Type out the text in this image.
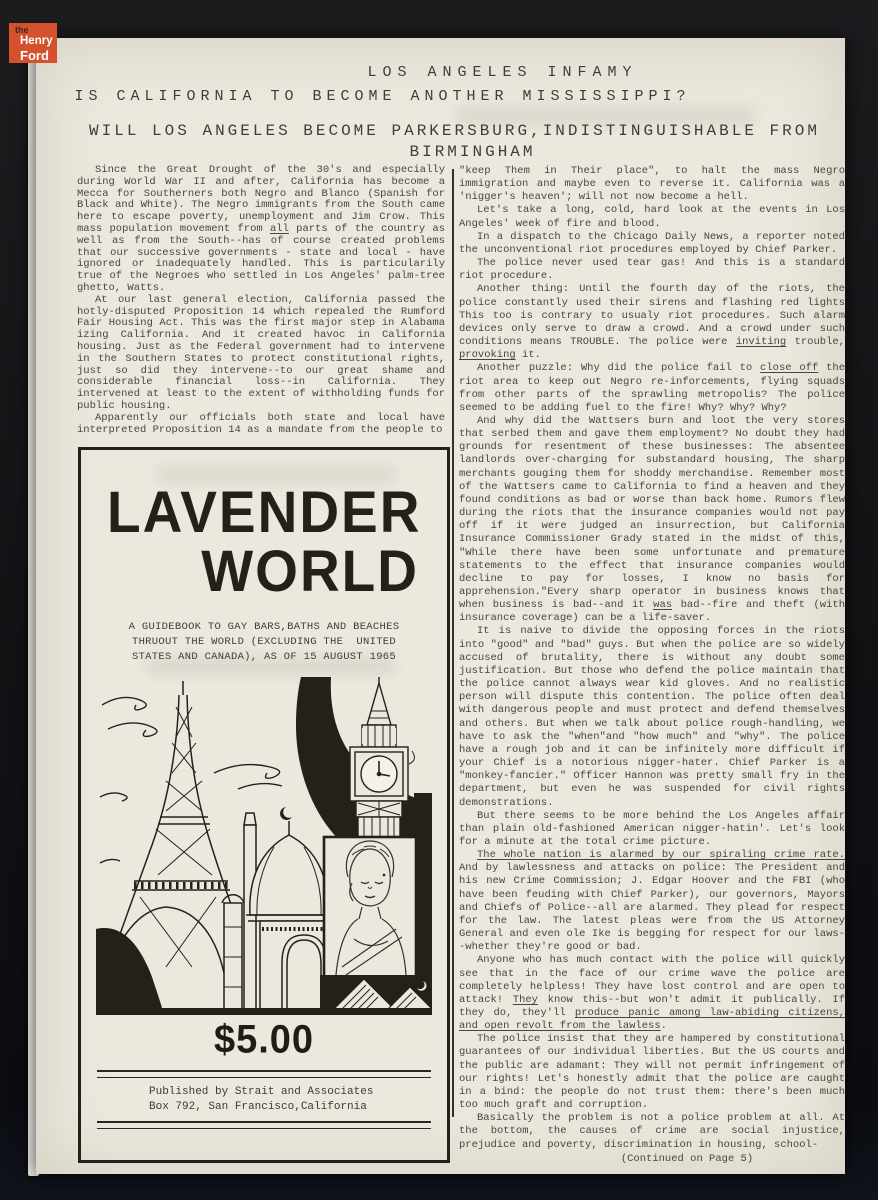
LOS ANGELES INFAMY
IS CALIFORNIA TO BECOME ANOTHER MISSISSIPPI?
WILL LOS ANGELES BECOME PARKERSBURG,INDISTINGUISHABLE FROM
BIRMINGHAM
Since the Great Drought of the 30's and especially during World War II and after, California has become a Mecca for Southerners both Negro and Blanco (Spanish for Black and White). The Negro immigrants from the South came here to escape poverty, unemployment and Jim Crow. This mass population movement from all parts of the country as well as from the South--has of course created problems that our successive governments - state and local - have ignored or inadequately handled. This is particularily true of the Negroes who settled in Los Angeles' palm-tree ghetto, Watts.
At our last general election, California passed the hotly-disputed Proposition 14 which repealed the Rumford Fair Housing Act. This was the first major step in Alabama izing California. And it created havoc in California housing. Just as the Federal government had to intervene in the Southern States to protect constitutional rights, just so did they intervene--to our great shame and considerable financial loss--in California. They intervened at least to the extent of withholding funds for public housing.
Apparently our officials both state and local have interpreted Proposition 14 as a mandate from the people to
"keep Them in Their place", to halt the mass Negro immigration and maybe even to reverse it. California was a 'nigger's heaven'; will not now become a hell.
Let's take a long, cold, hard look at the events in Los Angeles' week of fire and blood.
In a dispatch to the Chicago Daily News, a reporter noted the unconventional riot procedures employed by Chief Parker.
The police never used tear gas! And this is a standard riot procedure.
Another thing: Until the fourth day of the riots, the police constantly used their sirens and flashing red lights This too is contrary to usualy riot procedures. Such alarm devices only serve to draw a crowd. And a crowd under such conditions means TROUBLE. The police were inviting trouble, provoking it.
Another puzzle: Why did the police fail to close off the riot area to keep out Negro re-inforcements, flying squads from other parts of the sprawling metropolis? The police seemed to be adding fuel to the fire! Why? Why? Why?
And why did the Wattsers burn and loot the very stores that serbed them and gave them employment? No doubt they had grounds for resentment of these businesses: The absentee landlords over-charging for substandard housing, The sharp merchants gouging them for shoddy merchandise. Remember most of the Wattsers came to California to find a heaven and they found conditions as bad or worse than back home. Rumors flew during the riots that the insurance companies would not pay off if it were judged an insurrection, but California Insurance Commissioner Grady stated in the midst of this, "While there have been some unfortunate and premature statements to the effect that insurance companies would decline to pay for losses, I know no basis for apprehension."Every sharp operator in business knows that when business is bad--and it was bad--fire and theft (with insurance coverage) can be a life-saver.
It is naive to divide the opposing forces in the riots into "good" and "bad" guys. But when the police are so widely accused of brutality, there is without any doubt some justification. But those who defend the police maintain that the police cannot always wear kid gloves. And no realistic person will dispute this contention. The police often deal with dangerous people and must protect and defend themselves and others. But when we talk about police rough-handling, we have to ask the "when"and "how much" and "why". The police have a rough job and it can be infinitely more difficult if your Chief is a notorious nigger-hater. Chief Parker is a "monkey-fancier." Officer Hannon was pretty small fry in the department, but even he was suspended for civil rights demonstrations.
But there seems to be more behind the Los Angeles affair than plain old-fashioned American nigger-hatin'. Let's look for a minute at the total crime picture.
The whole nation is alarmed by our spiraling crime rate. And by lawlessness and attacks on police: The President and his new Crime Commission; J. Edgar Hoover and the FBI (who have been feuding with Chief Parker), our governors, Mayors and Chiefs of Police--all are alarmed. They plead for respect for the law. The latest pleas were from the US Attorney General and even ole Ike is begging for respect for our laws--whether they're good or bad.
Anyone who has much contact with the police will quickly see that in the face of our crime wave the police are completely helpless! They have lost control and are open to attack! They know this--but won't admit it publically. If they do, they'll produce panic among law-abiding citizens, and open revolt from the lawless.
The police insist that they are hampered by constitutional guarantees of our individual liberties. But the US courts and the public are adamant: They will not permit infringement of our rights! Let's honestly admit that the police are caught in a bind: the people do not trust them: there's been much too much graft and corruption.
Basically the problem is not a police problem at all. At the bottom, the causes of crime are social injustice, prejudice and poverty, discrimination in housing, school-
(Continued on Page 5)
LAVENDER
WORLD
A GUIDEBOOK TO GAY BARS,BATHS AND BEACHES
THRUOUT THE WORLD (EXCLUDING THE  UNITED
STATES AND CANADA), AS OF 15 AUGUST 1965
$5.00
Published by Strait and Associates
Box 792, San Francisco,California
the
Henry
Ford
